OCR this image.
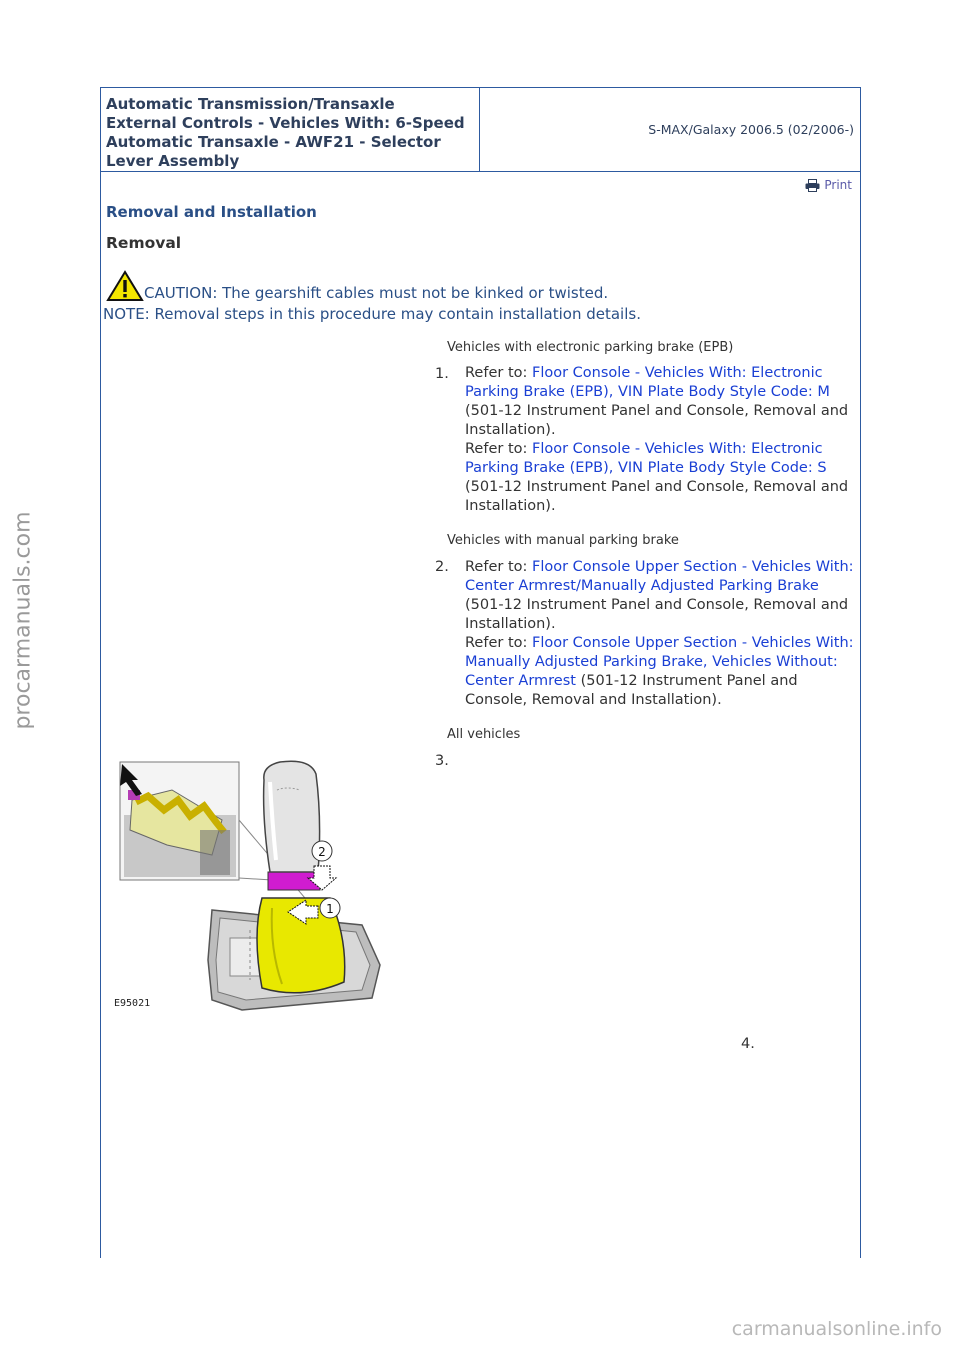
Automatic Transmission/Transaxle
External Controls - Vehicles With: 6-Speed
Automatic Transaxle - AWF21 - Selector
Lever Assembly
S-MAX/Galaxy 2006.5 (02/2006-)
Print
Removal and Installation
Removal
CAUTION: The gearshift cables must not be kinked or twisted.
NOTE: Removal steps in this procedure may contain installation details.
Vehicles with electronic parking brake (EPB)
1. Refer to: Floor Console - Vehicles With: Electronic Parking Brake (EPB), VIN Plate Body Style Code: M (501-12 Instrument Panel and Console, Removal and Installation).
Refer to: Floor Console - Vehicles With: Electronic Parking Brake (EPB), VIN Plate Body Style Code: S (501-12 Instrument Panel and Console, Removal and Installation).
Vehicles with manual parking brake
2. Refer to: Floor Console Upper Section - Vehicles With: Center Armrest/Manually Adjusted Parking Brake (501-12 Instrument Panel and Console, Removal and Installation).
Refer to: Floor Console Upper Section - Vehicles With: Manually Adjusted Parking Brake, Vehicles Without: Center Armrest (501-12 Instrument Panel and Console, Removal and Installation).
All vehicles
3.
2
1
E95021
4.
procarmanuals.com
carmanualsonline.info
